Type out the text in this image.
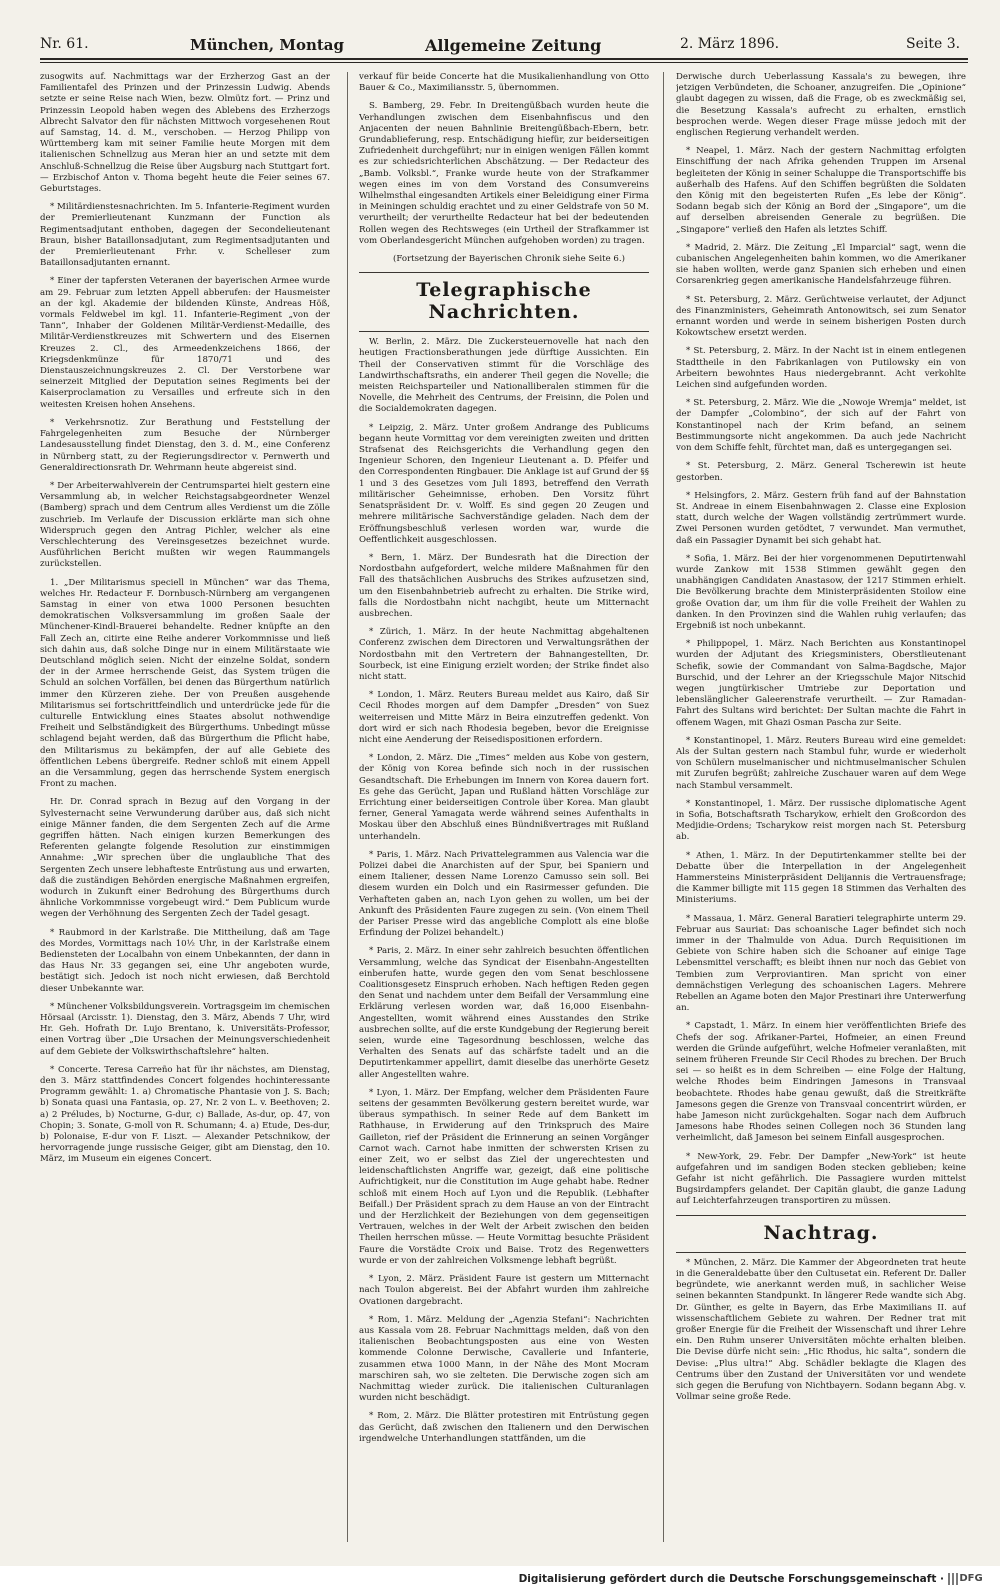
Nr. 61.	München, Montag	Allgemeine Zeitung	2. März 1896.	Seite 3.

zusogwits auf. Nachmittags war der Erzherzog Gast an der Familientafel des Prinzen und der Prinzessin Ludwig. Abends setzte er seine Reise nach Wien, bezw. Olmütz fort. — Prinz und Prinzessin Leopold haben wegen des Ablebens des Erzherzogs Albrecht Salvator den für nächsten Mittwoch vorgesehenen Rout auf Samstag, 14. d. M., verschoben. — Herzog Philipp von Württemberg kam mit seiner Familie heute Morgen mit dem italienischen Schnellzug aus Meran hier an und setzte mit dem Anschluß-Schnellzug die Reise über Augsburg nach Stuttgart fort. — Erzbischof Anton v. Thoma begeht heute die Feier seines 67. Geburtstages.

* Militärdienstesnachrichten. Im 5. Infanterie-Regiment wurden der Premierlieutenant Kunzmann der Function als Regimentsadjutant enthoben, dagegen der Secondelieutenant Braun, bisher Bataillonsadjutant, zum Regimentsadjutanten und der Premierlieutenant Frhr. v. Schelleser zum Bataillonsadjutanten ernannt.

* Einer der tapfersten Veteranen der bayerischen Armee wurde am 29. Februar zum letzten Appell abberufen: der Hausmeister an der kgl. Akademie der bildenden Künste, Andreas Höß, vormals Feldwebel im kgl. 11. Infanterie-Regiment „von der Tann“, Inhaber der Goldenen Militär-Verdienst-Medaille, des Militär-Verdienstkreuzes mit Schwertern und des Eisernen Kreuzes 2. Cl., des Armeedenkzeichens 1866, der Kriegsdenkmünze für 1870/71 und des Dienstauszeichnungskreuzes 2. Cl. Der Verstorbene war seinerzeit Mitglied der Deputation seines Regiments bei der Kaiserproclamation zu Versailles und erfreute sich in den weitesten Kreisen hohen Ansehens.

* Verkehrsnotiz. Zur Berathung und Feststellung der Fahrgelegenheiten zum Besuche der Nürnberger Landesausstellung findet Dienstag, den 3. d. M., eine Conferenz in Nürnberg statt, zu der Regierungsdirector v. Pernwerth und Generaldirectionsrath Dr. Wehrmann heute abgereist sind.

* Der Arbeiterwahlverein der Centrumspartei hielt gestern eine Versammlung ab, in welcher Reichstagsabgeordneter Wenzel (Bamberg) sprach und dem Centrum alles Verdienst um die Zölle zuschrieb. Im Verlaufe der Discussion erklärte man sich ohne Widerspruch gegen den Antrag Pichler, welcher als eine Verschlechterung des Vereinsgesetzes bezeichnet wurde. Ausführlichen Bericht mußten wir wegen Raummangels zurückstellen.

1. „Der Militarismus speciell in München“ war das Thema, welches Hr. Redacteur F. Dornbusch-Nürnberg am vergangenen Samstag in einer von etwa 1000 Personen besuchten demokratischen Volksversammlung im großen Saale der Münchener-Kindl-Brauerei behandelte. Redner knüpfte an den Fall Zech an, citirte eine Reihe anderer Vorkommnisse und ließ sich dahin aus, daß solche Dinge nur in einem Militärstaate wie Deutschland möglich seien. Nicht der einzelne Soldat, sondern der in der Armee herrschende Geist, das System trügen die Schuld an solchen Vorfällen, bei denen das Bürgerthum natürlich immer den Kürzeren ziehe. Der von Preußen ausgehende Militarismus sei fortschrittfeindlich und unterdrücke jede für die culturelle Entwicklung eines Staates absolut nothwendige Freiheit und Selbständigkeit des Bürgerthums. Unbedingt müsse schlagend bejaht werden, daß das Bürgerthum die Pflicht habe, den Militarismus zu bekämpfen, der auf alle Gebiete des öffentlichen Lebens übergreife. Redner schloß mit einem Appell an die Versammlung, gegen das herrschende System energisch Front zu machen.

Hr. Dr. Conrad sprach in Bezug auf den Vorgang in der Sylvesternacht seine Verwunderung darüber aus, daß sich nicht einige Männer fanden, die dem Sergenten Zech auf die Arme gegriffen hätten. Nach einigen kurzen Bemerkungen des Referenten gelangte folgende Resolution zur einstimmigen Annahme: „Wir sprechen über die unglaubliche That des Sergenten Zech unsere lebhafteste Entrüstung aus und erwarten, daß die zuständigen Behörden energische Maßnahmen ergreifen, wodurch in Zukunft einer Bedrohung des Bürgerthums durch ähnliche Vorkommnisse vorgebeugt wird.“ Dem Publicum wurde wegen der Verhöhnung des Sergenten Zech der Tadel gesagt.

* Raubmord in der Karlstraße. Die Mittheilung, daß am Tage des Mordes, Vormittags nach 10½ Uhr, in der Karlstraße einem Bediensteten der Localbahn von einem Unbekannten, der dann in das Haus Nr. 33 gegangen sei, eine Uhr angeboten wurde, bestätigt sich. Jedoch ist noch nicht erwiesen, daß Berchtold dieser Unbekannte war.

* Münchener Volksbildungsverein. Vortragsgeim im chemischen Hörsaal (Arcisstr. 1). Dienstag, den 3. März, Abends 7 Uhr, wird Hr. Geh. Hofrath Dr. Lujo Brentano, k. Universitäts-Professor, einen Vortrag über „Die Ursachen der Meinungsverschiedenheit auf dem Gebiete der Volkswirthschaftslehre“ halten.

* Concerte. Teresa Carreño hat für ihr nächstes, am Dienstag, den 3. März stattfindendes Concert folgendes hochinteressante Programm gewählt: 1. a) Chromatische Phantasie von J. S. Bach; b) Sonata quasi una Fantasia, op. 27, Nr. 2 von L. v. Beethoven; 2. a) 2 Préludes, b) Nocturne, G-dur, c) Ballade, As-dur, op. 47, von Chopin; 3. Sonate, G-moll von R. Schumann; 4. a) Etude, Des-dur, b) Polonaise, E-dur von F. Liszt. — Alexander Petschnikow, der hervorragende junge russische Geiger, gibt am Dienstag, den 10. März, im Museum ein eigenes Concert.

verkauf für beide Concerte hat die Musikalienhandlung von Otto Bauer & Co., Maximiliansstr. 5, übernommen.

S. Bamberg, 29. Febr. In Dreitengüßbach wurden heute die Verhandlungen zwischen dem Eisenbahnfiscus und den Anjacenten der neuen Bahnlinie Breitengüßbach-Ebern, betr. Grundablieferung, resp. Entschädigung hiefür, zur beiderseitigen Zufriedenheit durchgeführt; nur in einigen wenigen Fällen kommt es zur schiedsrichterlichen Abschätzung. — Der Redacteur des „Bamb. Volksbl.“, Franke wurde heute von der Strafkammer wegen eines im von dem Vorstand des Consumvereins Wilhelmsthal eingesandten Artikels einer Beleidigung einer Firma in Meiningen schuldig erachtet und zu einer Geldstrafe von 50 M. verurtheilt; der verurtheilte Redacteur hat bei der bedeutenden Rollen wegen des Rechtsweges (ein Urtheil der Strafkammer ist vom Oberlandesgericht München aufgehoben worden) zu tragen.

(Fortsetzung der Bayerischen Chronik siehe Seite 6.)

Telegraphische Nachrichten.

W. Berlin, 2. März. Die Zuckersteuernovelle hat nach den heutigen Fractionsberathungen jede dürftige Aussichten. Ein Theil der Conservativen stimmt für die Vorschläge des Landwirthschaftsraths, ein anderer Theil gegen die Novelle; die meisten Reichsparteiler und Nationalliberalen stimmen für die Novelle, die Mehrheit des Centrums, der Freisinn, die Polen und die Socialdemokraten dagegen.

* Leipzig, 2. März. Unter großem Andrange des Publicums begann heute Vormittag vor dem vereinigten zweiten und dritten Strafsenat des Reichsgerichts die Verhandlung gegen den Ingenieur Schoren, den Ingenieur Lieutenant a. D. Pfeifer und den Correspondenten Ringbauer. Die Anklage ist auf Grund der §§ 1 und 3 des Gesetzes vom Juli 1893, betreffend den Verrath militärischer Geheimnisse, erhoben. Den Vorsitz führt Senatspräsident Dr. v. Wolff. Es sind gegen 20 Zeugen und mehrere militärische Sachverständige geladen. Nach dem der Eröffnungsbeschluß verlesen worden war, wurde die Oeffentlichkeit ausgeschlossen.

* Bern, 1. März. Der Bundesrath hat die Direction der Nordostbahn aufgefordert, welche mildere Maßnahmen für den Fall des thatsächlichen Ausbruchs des Strikes aufzusetzen sind, um den Eisenbahnbetrieb aufrecht zu erhalten. Die Strike wird, falls die Nordostbahn nicht nachgibt, heute um Mitternacht ausbrechen.

* Zürich, 1. März. In der heute Nachmittag abgehaltenen Conferenz zwischen dem Directoren und Verwaltungsräthen der Nordostbahn mit den Vertretern der Bahnangestellten, Dr. Sourbeck, ist eine Einigung erzielt worden; der Strike findet also nicht statt.

* London, 1. März. Reuters Bureau meldet aus Kairo, daß Sir Cecil Rhodes morgen auf dem Dampfer „Dresden“ von Suez weiterreisen und Mitte März in Beira einzutreffen gedenkt. Von dort wird er sich nach Rhodesia begeben, bevor die Ereignisse nicht eine Aenderung der Reisedispositionen erfordern.

* London, 2. März. Die „Times“ melden aus Kobe von gestern, der König von Korea befinde sich noch in der russischen Gesandtschaft. Die Erhebungen im Innern von Korea dauern fort. Es gehe das Gerücht, Japan und Rußland hätten Vorschläge zur Errichtung einer beiderseitigen Controle über Korea. Man glaubt ferner, General Yamagata werde während seines Aufenthalts in Moskau über den Abschluß eines Bündnißvertrages mit Rußland unterhandeln.

* Paris, 1. März. Nach Privattelegrammen aus Valencia war die Polizei dabei die Anarchisten auf der Spur, bei Spaniern und einem Italiener, dessen Name Lorenzo Camusso sein soll. Bei diesem wurden ein Dolch und ein Rasirmesser gefunden. Die Verhafteten gaben an, nach Lyon gehen zu wollen, um bei der Ankunft des Präsidenten Faure zugegen zu sein. (Von einem Theil der Pariser Presse wird das angebliche Complott als eine bloße Erfindung der Polizei behandelt.)

* Paris, 2. März. In einer sehr zahlreich besuchten öffentlichen Versammlung, welche das Syndicat der Eisenbahn-Angestellten einberufen hatte, wurde gegen den vom Senat beschlossene Coalitionsgesetz Einspruch erhoben. Nach heftigen Reden gegen den Senat und nachdem unter dem Beifall der Versammlung eine Erklärung verlesen worden war, daß 16,000 Eisenbahn-Angestellten, womit während eines Ausstandes den Strike ausbrechen sollte, auf die erste Kundgebung der Regierung bereit seien, wurde eine Tagesordnung beschlossen, welche das Verhalten des Senats auf das schärfste tadelt und an die Deputirtenkammer appellirt, damit dieselbe das unerhörte Gesetz aller Angestellten wahre.

* Lyon, 1. März. Der Empfang, welcher dem Präsidenten Faure seitens der gesammten Bevölkerung gestern bereitet wurde, war überaus sympathisch. In seiner Rede auf dem Bankett im Rathhause, in Erwiderung auf den Trinkspruch des Maire Gailleton, rief der Präsident die Erinnerung an seinen Vorgänger Carnot wach. Carnot habe inmitten der schwersten Krisen zu einer Zeit, wo er selbst das Ziel der ungerechtesten und leidenschaftlichsten Angriffe war, gezeigt, daß eine politische Aufrichtigkeit, nur die Constitution im Auge gehabt habe. Redner schloß mit einem Hoch auf Lyon und die Republik. (Lebhafter Beifall.) Der Präsident sprach zu dem Hause an von der Eintracht und der Herzlichkeit der Beziehungen von dem gegenseitigen Vertrauen, welches in der Welt der Arbeit zwischen den beiden Theilen herrschen müsse. — Heute Vormittag besuchte Präsident Faure die Vorstädte Croix und Baise. Trotz des Regenwetters wurde er von der zahlreichen Volksmenge lebhaft begrüßt.

* Lyon, 2. März. Präsident Faure ist gestern um Mitternacht nach Toulon abgereist. Bei der Abfahrt wurden ihm zahlreiche Ovationen dargebracht.

* Rom, 1. März. Meldung der „Agenzia Stefani“: Nachrichten aus Kassala vom 28. Februar Nachmittags melden, daß von den italienischen Beobachtungsposten aus eine von Westen kommende Colonne Derwische, Cavallerie und Infanterie, zusammen etwa 1000 Mann, in der Nähe des Mont Mocram marschiren sah, wo sie zelteten. Die Derwische zogen sich am Nachmittag wieder zurück. Die italienischen Culturanlagen wurden nicht beschädigt.

* Rom, 2. März. Die Blätter protestiren mit Entrüstung gegen das Gerücht, daß zwischen den Italienern und den Derwischen irgendwelche Unterhandlungen stattfänden, um die

Derwische durch Ueberlassung Kassala's zu bewegen, ihre jetzigen Verbündeten, die Schoaner, anzugreifen. Die „Opinione“ glaubt dagegen zu wissen, daß die Frage, ob es zweckmäßig sei, die Besetzung Kassala's aufrecht zu erhalten, ernstlich besprochen werde. Wegen dieser Frage müsse jedoch mit der englischen Regierung verhandelt werden.

* Neapel, 1. März. Nach der gestern Nachmittag erfolgten Einschiffung der nach Afrika gehenden Truppen im Arsenal begleiteten der König in seiner Schaluppe die Transportschiffe bis außerhalb des Hafens. Auf den Schiffen begrüßten die Soldaten den König mit den begeisterten Rufen „Es lebe der König“. Sodann begab sich der König an Bord der „Singapore“, um die auf derselben abreisenden Generale zu begrüßen. Die „Singapore“ verließ den Hafen als letztes Schiff.

* Madrid, 2. März. Die Zeitung „El Imparcial“ sagt, wenn die cubanischen Angelegenheiten bahin kommen, wo die Amerikaner sie haben wollten, werde ganz Spanien sich erheben und einen Corsarenkrieg gegen amerikanische Handelsfahrzeuge führen.

* St. Petersburg, 2. März. Gerüchtweise verlautet, der Adjunct des Finanzministers, Geheimrath Antonowitsch, sei zum Senator ernannt worden und werde in seinem bisherigen Posten durch Kokowtschew ersetzt werden.

* St. Petersburg, 2. März. In der Nacht ist in einem entlegenen Stadttheile in den Fabrikanlagen von Putilowsky ein von Arbeitern bewohntes Haus niedergebrannt. Acht verkohlte Leichen sind aufgefunden worden.

* St. Petersburg, 2. März. Wie die „Nowoje Wremja“ meldet, ist der Dampfer „Colombino“, der sich auf der Fahrt von Konstantinopel nach der Krim befand, an seinem Bestimmungsorte nicht angekommen. Da auch jede Nachricht von dem Schiffe fehlt, fürchtet man, daß es untergegangen sei.

* St. Petersburg, 2. März. General Tscherewin ist heute gestorben.

* Helsingfors, 2. März. Gestern früh fand auf der Bahnstation St. Andreae in einem Eisenbahnwagen 2. Classe eine Explosion statt, durch welche der Wagen vollständig zertrümmert wurde. Zwei Personen wurden getödtet, 7 verwundet. Man vermuthet, daß ein Passagier Dynamit bei sich gehabt hat.

* Sofia, 1. März. Bei der hier vorgenommenen Deputirtenwahl wurde Zankow mit 1538 Stimmen gewählt gegen den unabhängigen Candidaten Anastasow, der 1217 Stimmen erhielt. Die Bevölkerung brachte dem Ministerpräsidenten Stoilow eine große Ovation dar, um ihm für die volle Freiheit der Wahlen zu danken. In den Provinzen sind die Wahlen ruhig verlaufen; das Ergebniß ist noch unbekannt.

* Philippopel, 1. März. Nach Berichten aus Konstantinopel wurden der Adjutant des Kriegsministers, Oberstlieutenant Schefik, sowie der Commandant von Salma-Bagdsche, Major Burschid, und der Lehrer an der Kriegsschule Major Nitschid wegen jungtürkischer Umtriebe zur Deportation und lebenslänglicher Galeerenstrafe verurtheilt. — Zur Ramadan-Fahrt des Sultans wird berichtet: Der Sultan machte die Fahrt in offenem Wagen, mit Ghazi Osman Pascha zur Seite.

* Konstantinopel, 1. März. Reuters Bureau wird eine gemeldet: Als der Sultan gestern nach Stambul fuhr, wurde er wiederholt von Schülern muselmanischer und nichtmuselmanischer Schulen mit Zurufen begrüßt; zahlreiche Zuschauer waren auf dem Wege nach Stambul versammelt.

* Konstantinopel, 1. März. Der russische diplomatische Agent in Sofia, Botschaftsrath Tscharykow, erhielt den Großcordon des Medjidie-Ordens; Tscharykow reist morgen nach St. Petersburg ab.

* Athen, 1. März. In der Deputirtenkammer stellte bei der Debatte über die Interpellation in der Angelegenheit Hammersteins Ministerpräsident Delijannis die Vertrauensfrage; die Kammer billigte mit 115 gegen 18 Stimmen das Verhalten des Ministeriums.

* Massaua, 1. März. General Baratieri telegraphirte unterm 29. Februar aus Sauriat: Das schoanische Lager befindet sich noch immer in der Thalmulde von Adua. Durch Requisitionen im Gebiete von Schire haben sich die Schoaner auf einige Tage Lebensmittel verschafft; es bleibt ihnen nur noch das Gebiet von Tembien zum Verproviantiren. Man spricht von einer demnächstigen Verlegung des schoanischen Lagers. Mehrere Rebellen an Agame boten den Major Prestinari ihre Unterwerfung an.

* Capstadt, 1. März. In einem hier veröffentlichten Briefe des Chefs der sog. Afrikaner-Partei, Hofmeier, an einen Freund werden die Gründe aufgeführt, welche Hofmeier veranlaßten, mit seinem früheren Freunde Sir Cecil Rhodes zu brechen. Der Bruch sei — so heißt es in dem Schreiben — eine Folge der Haltung, welche Rhodes beim Eindringen Jamesons in Transvaal beobachtete. Rhodes habe genau gewußt, daß die Streitkräfte Jamesons gegen die Grenze von Transvaal concentrirt würden, er habe Jameson nicht zurückgehalten. Sogar nach dem Aufbruch Jamesons habe Rhodes seinen Collegen noch 36 Stunden lang verheimlicht, daß Jameson bei seinem Einfall ausgesprochen.

* New-York, 29. Febr. Der Dampfer „New-York“ ist heute aufgefahren und im sandigen Boden stecken geblieben; keine Gefahr ist nicht gefährlich. Die Passagiere wurden mittelst Bugsirdampfers gelandet. Der Capitän glaubt, die ganze Ladung auf Leichterfahrzeugen transportiren zu müssen.

Nachtrag.

* München, 2. März. Die Kammer der Abgeordneten trat heute in die Generaldebatte über den Cultusetat ein. Referent Dr. Daller begründete, wie anerkannt werden muß, in sachlicher Weise seinen bekannten Standpunkt. In längerer Rede wandte sich Abg. Dr. Günther, es gelte in Bayern, das Erbe Maximilians II. auf wissenschaftlichem Gebiete zu wahren. Der Redner trat mit großer Energie für die Freiheit der Wissenschaft und ihrer Lehre ein. Den Ruhm unserer Universitäten möchte erhalten bleiben. Die Devise dürfe nicht sein: „Hic Rhodus, hic salta“, sondern die Devise: „Plus ultra!“ Abg. Schädler beklagte die Klagen des Centrums über den Zustand der Universitäten vor und wendete sich gegen die Berufung von Nichtbayern. Sodann begann Abg. v. Vollmar seine große Rede.

Digitalisierung gefördert durch die Deutsche Forschungsgemeinschaft ·	DFG
